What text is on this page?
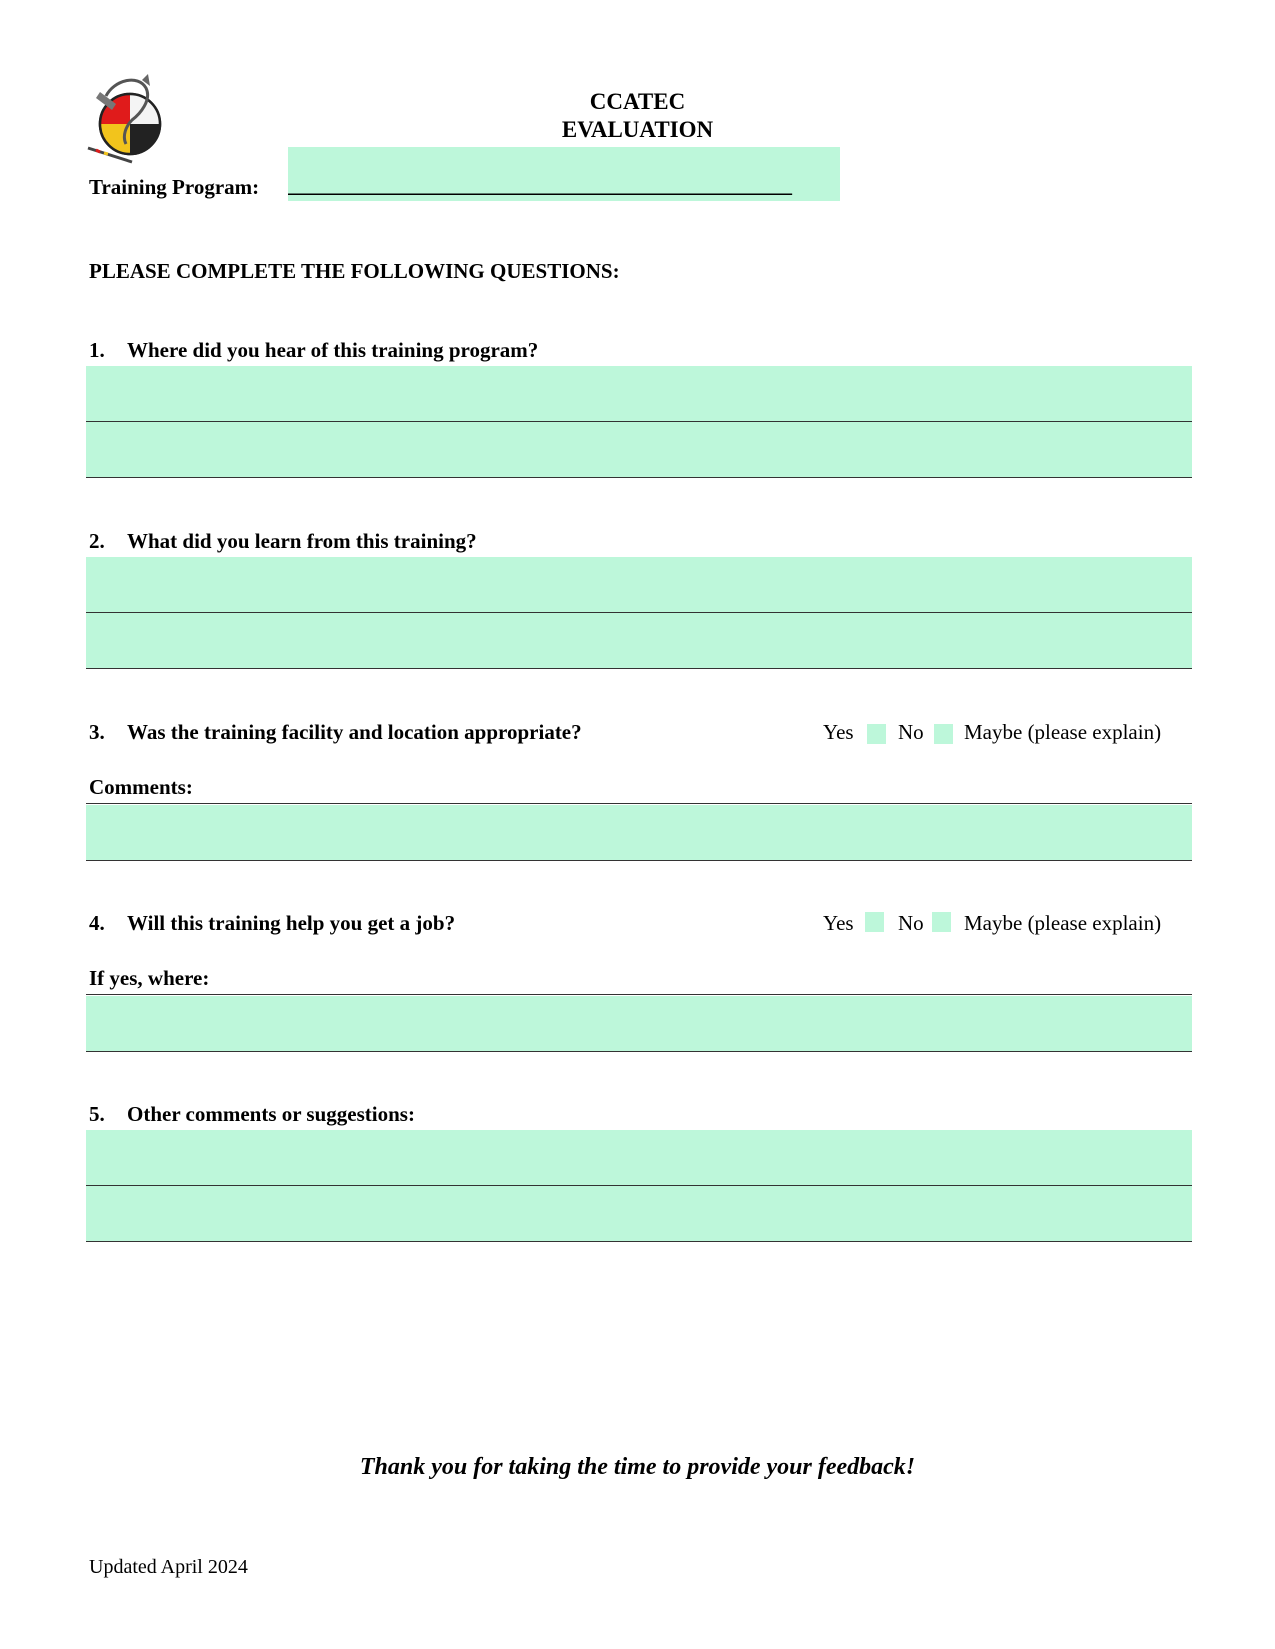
CCATEC
EVALUATION
Training Program: ________________________________________________
PLEASE COMPLETE THE FOLLOWING QUESTIONS:
1. Where did you hear of this training program?
2. What did you learn from this training?
3. Was the training facility and location appropriate?	Yes No Maybe (please explain)
Comments:
4. Will this training help you get a job?	Yes No Maybe (please explain)
If yes, where:
5. Other comments or suggestions:
Thank you for taking the time to provide your feedback!
Updated April 2024
